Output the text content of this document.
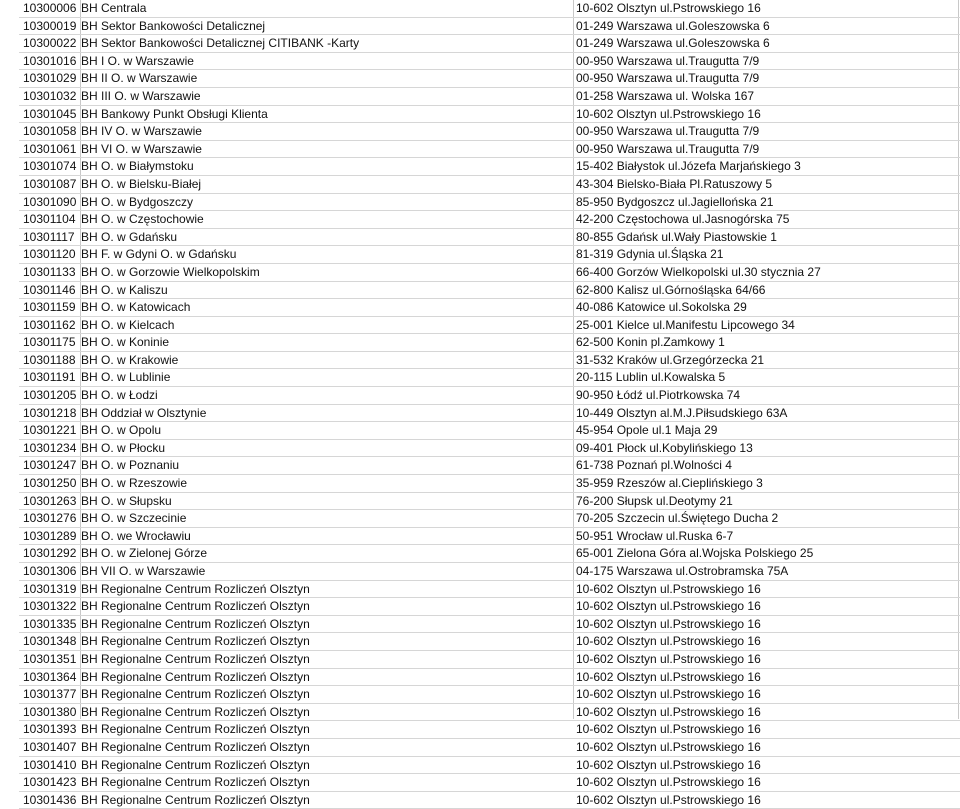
10300006 BH Centrala	10-602 Olsztyn ul.Pstrowskiego 16
10300019 BH Sektor Bankowości Detalicznej	01-249 Warszawa ul.Goleszowska 6
10300022 BH Sektor Bankowości Detalicznej CITIBANK -Karty	01-249 Warszawa ul.Goleszowska 6
10301016 BH I O. w Warszawie	00-950 Warszawa ul.Traugutta 7/9
10301029 BH II O. w Warszawie	00-950 Warszawa ul.Traugutta 7/9
10301032 BH III O. w Warszawie	01-258 Warszawa ul. Wolska 167
10301045 BH Bankowy Punkt Obsługi Klienta	10-602 Olsztyn ul.Pstrowskiego 16
10301058 BH IV O. w Warszawie	00-950 Warszawa ul.Traugutta 7/9
10301061 BH VI O. w Warszawie	00-950 Warszawa ul.Traugutta 7/9
10301074 BH O. w Białymstoku	15-402 Białystok ul.Józefa Marjańskiego 3
10301087 BH O. w Bielsku-Białej	43-304 Bielsko-Biała Pl.Ratuszowy 5
10301090 BH O. w Bydgoszczy	85-950 Bydgoszcz ul.Jagiellońska 21
10301104 BH O. w Częstochowie	42-200 Częstochowa ul.Jasnogórska 75
10301117 BH O. w Gdańsku	80-855 Gdańsk ul.Wały Piastowskie 1
10301120 BH F. w Gdyni O. w Gdańsku	81-319 Gdynia ul.Śląska 21
10301133 BH O. w Gorzowie Wielkopolskim	66-400 Gorzów Wielkopolski ul.30 stycznia 27
10301146 BH O. w Kaliszu	62-800 Kalisz ul.Górnośląska 64/66
10301159 BH O. w Katowicach	40-086 Katowice ul.Sokolska 29
10301162 BH O. w Kielcach	25-001 Kielce ul.Manifestu Lipcowego 34
10301175 BH O. w Koninie	62-500 Konin pl.Zamkowy 1
10301188 BH O. w Krakowie	31-532 Kraków ul.Grzegórzecka 21
10301191 BH O. w Lublinie	20-115 Lublin ul.Kowalska 5
10301205 BH O. w Łodzi	90-950 Łódź ul.Piotrkowska 74
10301218 BH Oddział w Olsztynie	10-449 Olsztyn al.M.J.Piłsudskiego 63A
10301221 BH O. w Opolu	45-954 Opole ul.1 Maja 29
10301234 BH O. w Płocku	09-401 Płock ul.Kobylińskiego 13
10301247 BH O. w Poznaniu	61-738 Poznań pl.Wolności 4
10301250 BH O. w Rzeszowie	35-959 Rzeszów al.Cieplińskiego 3
10301263 BH O. w Słupsku	76-200 Słupsk ul.Deotymy 21
10301276 BH O. w Szczecinie	70-205 Szczecin ul.Świętego Ducha 2
10301289 BH O. we Wrocławiu	50-951 Wrocław ul.Ruska 6-7
10301292 BH O. w Zielonej Górze	65-001 Zielona Góra al.Wojska Polskiego 25
10301306 BH VII O. w Warszawie	04-175 Warszawa ul.Ostrobramska 75A
10301319 BH Regionalne Centrum Rozliczeń Olsztyn	10-602 Olsztyn ul.Pstrowskiego 16
10301322 BH Regionalne Centrum Rozliczeń Olsztyn	10-602 Olsztyn ul.Pstrowskiego 16
10301335 BH Regionalne Centrum Rozliczeń Olsztyn	10-602 Olsztyn ul.Pstrowskiego 16
10301348 BH Regionalne Centrum Rozliczeń Olsztyn	10-602 Olsztyn ul.Pstrowskiego 16
10301351 BH Regionalne Centrum Rozliczeń Olsztyn	10-602 Olsztyn ul.Pstrowskiego 16
10301364 BH Regionalne Centrum Rozliczeń Olsztyn	10-602 Olsztyn ul.Pstrowskiego 16
10301377 BH Regionalne Centrum Rozliczeń Olsztyn	10-602 Olsztyn ul.Pstrowskiego 16
10301380 BH Regionalne Centrum Rozliczeń Olsztyn	10-602 Olsztyn ul.Pstrowskiego 16
10301393 BH Regionalne Centrum Rozliczeń Olsztyn	10-602 Olsztyn ul.Pstrowskiego 16
10301407 BH Regionalne Centrum Rozliczeń Olsztyn	10-602 Olsztyn ul.Pstrowskiego 16
10301410 BH Regionalne Centrum Rozliczeń Olsztyn	10-602 Olsztyn ul.Pstrowskiego 16
10301423 BH Regionalne Centrum Rozliczeń Olsztyn	10-602 Olsztyn ul.Pstrowskiego 16
10301436 BH Regionalne Centrum Rozliczeń Olsztyn	10-602 Olsztyn ul.Pstrowskiego 16
